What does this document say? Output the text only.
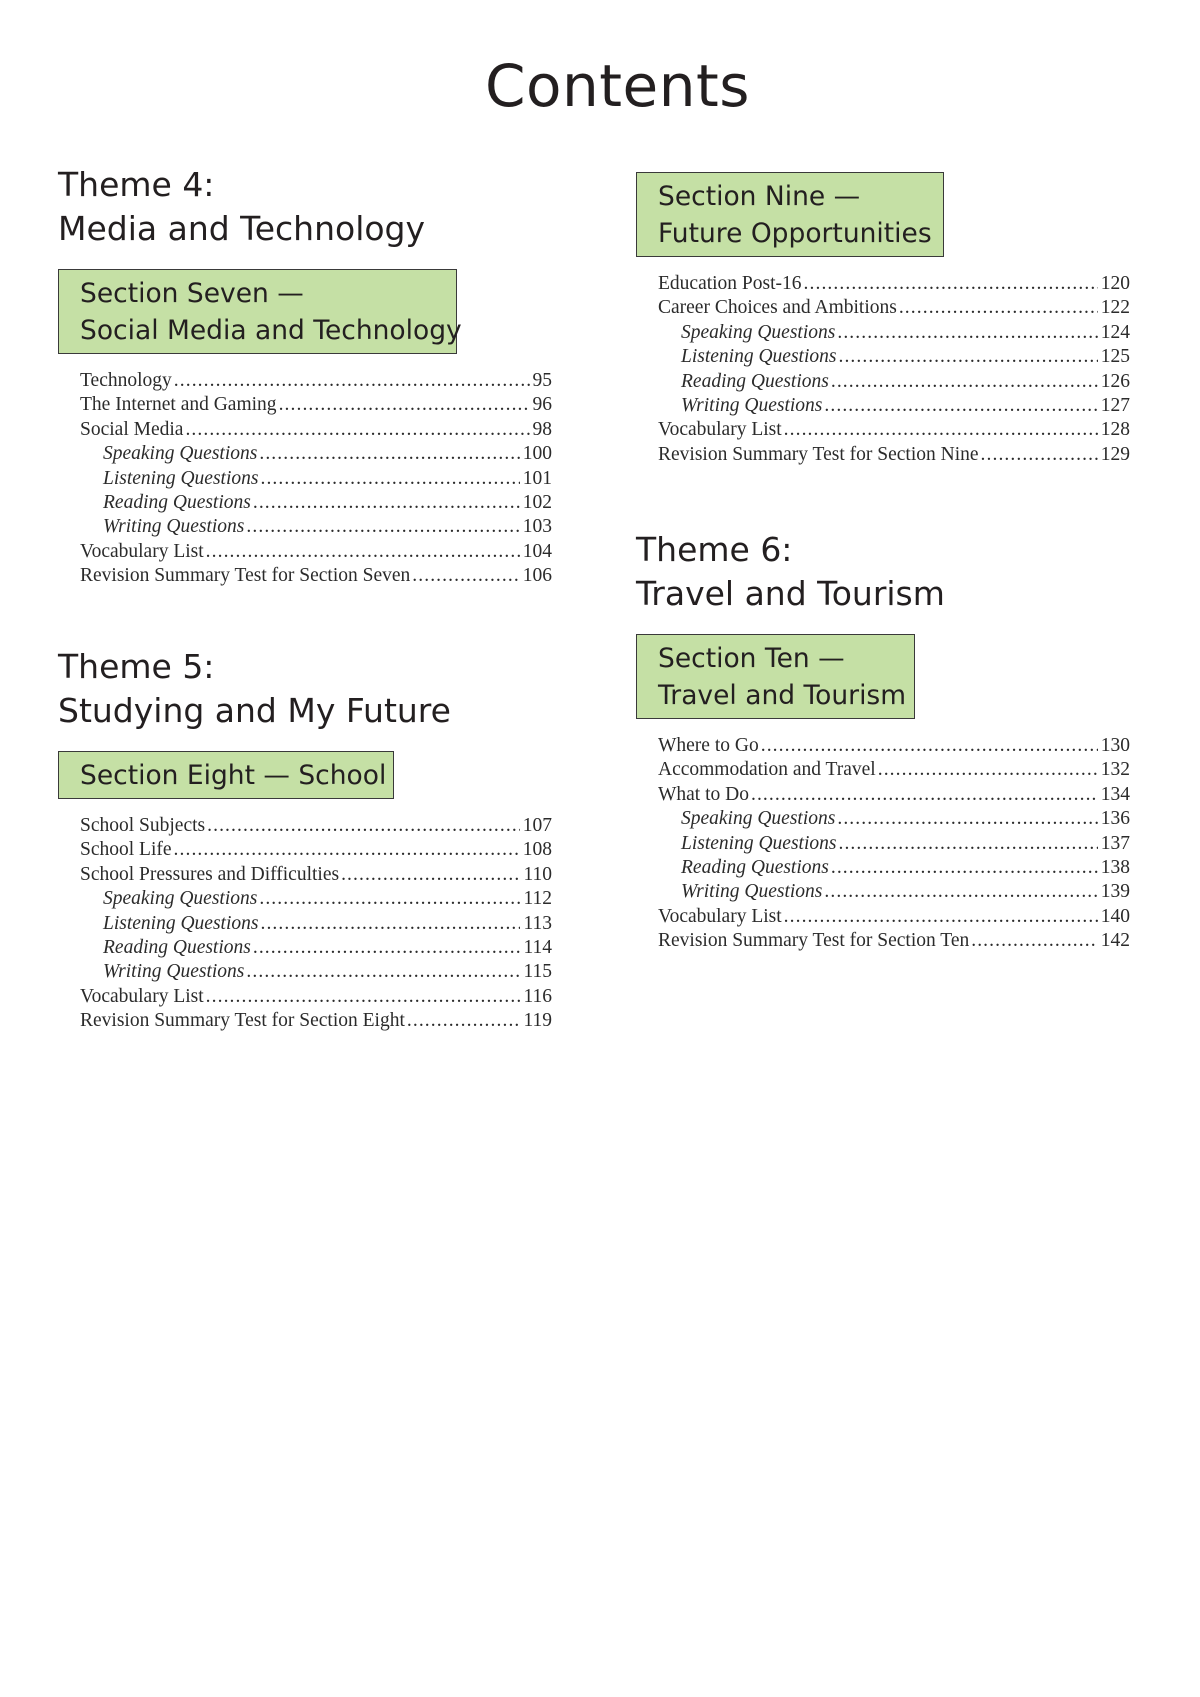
Contents
Theme 4:
Media and Technology
Section Seven —
Social Media and Technology
Technology .....	95
The Internet and Gaming .....	96
Social Media .....	98
Speaking Questions .....	100
Listening Questions .....	101
Reading Questions .....	102
Writing Questions .....	103
Vocabulary List .....	104
Revision Summary Test for Section Seven .....	106
Theme 5:
Studying and My Future
Section Eight — School
School Subjects .....	107
School Life .....	108
School Pressures and Difficulties .....	110
Speaking Questions .....	112
Listening Questions .....	113
Reading Questions .....	114
Writing Questions .....	115
Vocabulary List .....	116
Revision Summary Test for Section Eight .....	119
Section Nine —
Future Opportunities
Education Post-16 .....	120
Career Choices and Ambitions .....	122
Speaking Questions .....	124
Listening Questions .....	125
Reading Questions .....	126
Writing Questions .....	127
Vocabulary List .....	128
Revision Summary Test for Section Nine .....	129
Theme 6:
Travel and Tourism
Section Ten —
Travel and Tourism
Where to Go .....	130
Accommodation and Travel .....	132
What to Do .....	134
Speaking Questions .....	136
Listening Questions .....	137
Reading Questions .....	138
Writing Questions .....	139
Vocabulary List .....	140
Revision Summary Test for Section Ten .....	142
